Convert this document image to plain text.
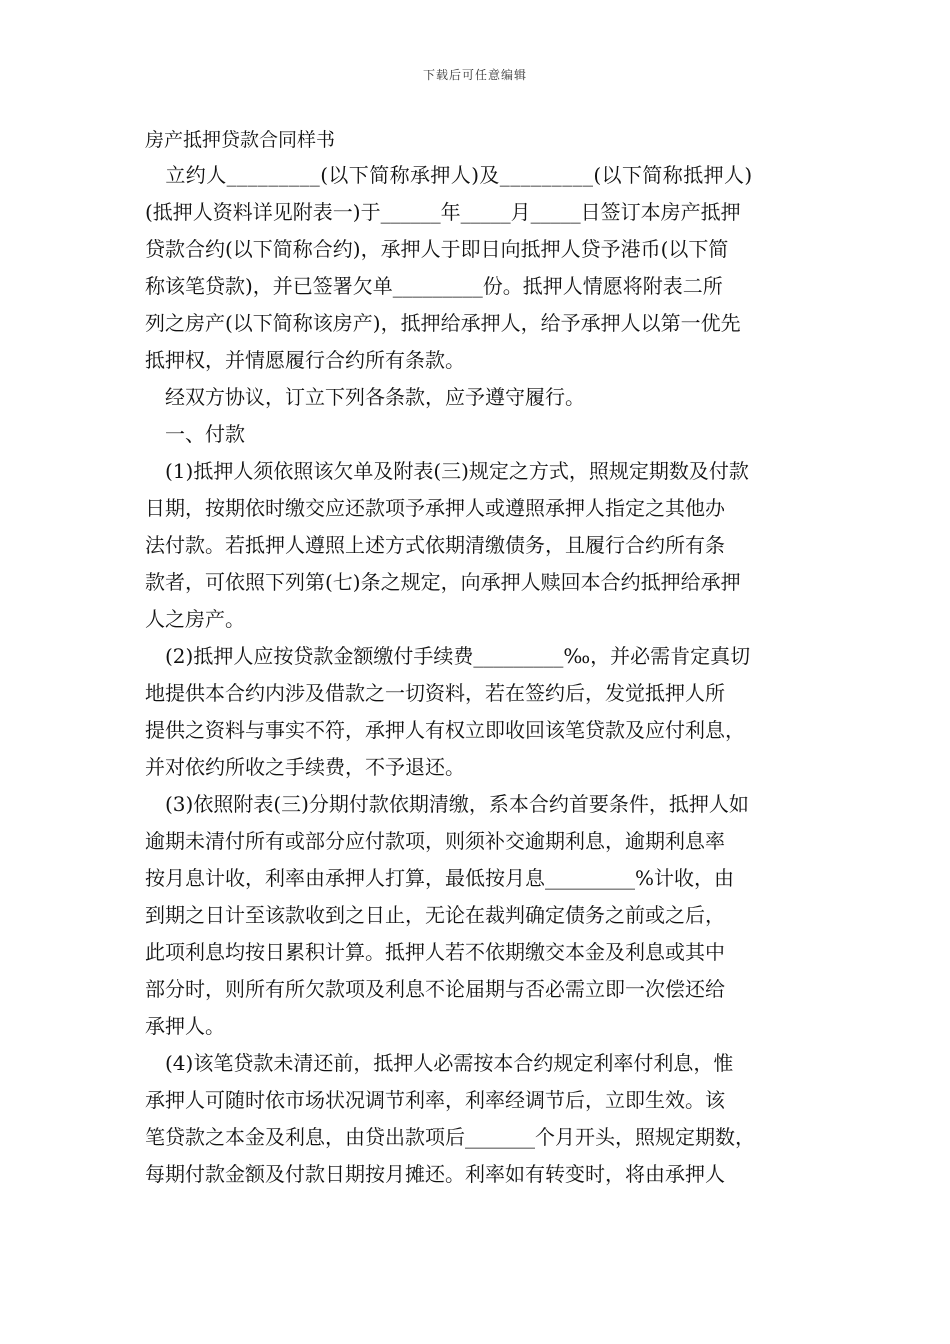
下载后可任意编辑
房产抵押贷款合同样书
　立约人_________(以下简称承押人)及_________(以下简称抵押人)
(抵押人资料详见附表一)于______年_____月_____日签订本房产抵押
贷款合约(以下简称合约)，承押人于即日向抵押人贷予港币(以下简
称该笔贷款)，并已签署欠单_________份。抵押人情愿将附表二所
列之房产(以下简称该房产)，抵押给承押人，给予承押人以第一优先
抵押权，并情愿履行合约所有条款。
　经双方协议，订立下列各条款，应予遵守履行。
　一、付款
　(1)抵押人须依照该欠单及附表(三)规定之方式，照规定期数及付款
日期，按期依时缴交应还款项予承押人或遵照承押人指定之其他办
法付款。若抵押人遵照上述方式依期清缴债务，且履行合约所有条
款者，可依照下列第(七)条之规定，向承押人赎回本合约抵押给承押
人之房产。
　(2)抵押人应按贷款金额缴付手续费_________‰，并必需肯定真切
地提供本合约内涉及借款之一切资料，若在签约后，发觉抵押人所
提供之资料与事实不符，承押人有权立即收回该笔贷款及应付利息，
并对依约所收之手续费，不予退还。
　(3)依照附表(三)分期付款依期清缴，系本合约首要条件，抵押人如
逾期未清付所有或部分应付款项，则须补交逾期利息，逾期利息率
按月息计收，利率由承押人打算，最低按月息_________%计收，由
到期之日计至该款收到之日止，无论在裁判确定债务之前或之后，
此项利息均按日累积计算。抵押人若不依期缴交本金及利息或其中
部分时，则所有所欠款项及利息不论届期与否必需立即一次偿还给
承押人。
　(4)该笔贷款未清还前，抵押人必需按本合约规定利率付利息，惟
承押人可随时依市场状况调节利率，利率经调节后，立即生效。该
笔贷款之本金及利息，由贷出款项后_______个月开头，照规定期数，
每期付款金额及付款日期按月摊还。利率如有转变时，将由承押人
